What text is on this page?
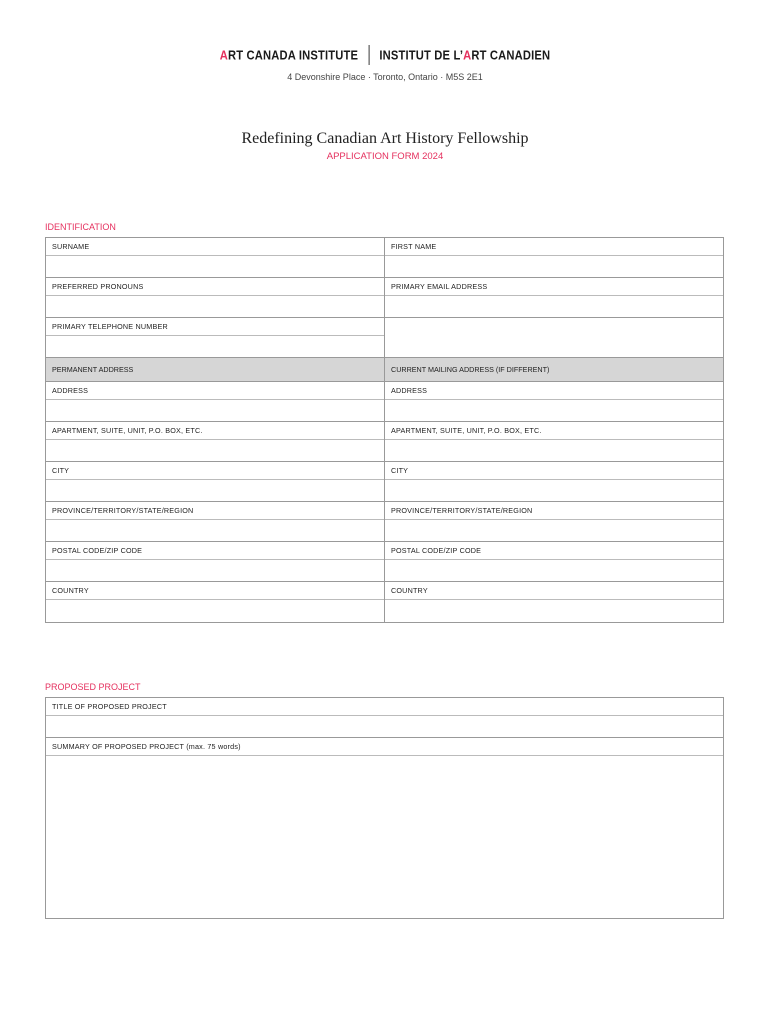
ART CANADA INSTITUTE INSTITUT DE L’ART CANADIEN
4 Devonshire Place · Toronto, Ontario · M5S 2E1
Redefining Canadian Art History Fellowship
APPLICATION FORM 2024
IDENTIFICATION
SURNAME	FIRST NAME
PREFERRED PRONOUNS	PRIMARY EMAIL ADDRESS
PRIMARY TELEPHONE NUMBER
PERMANENT ADDRESS	CURRENT MAILING ADDRESS (IF DIFFERENT)
ADDRESS	ADDRESS
APARTMENT, SUITE, UNIT, P.O. BOX, ETC.	APARTMENT, SUITE, UNIT, P.O. BOX, ETC.
CITY	CITY
PROVINCE/TERRITORY/STATE/REGION	PROVINCE/TERRITORY/STATE/REGION
POSTAL CODE/ZIP CODE	POSTAL CODE/ZIP CODE
COUNTRY	COUNTRY
PROPOSED PROJECT
TITLE OF PROPOSED PROJECT
SUMMARY OF PROPOSED PROJECT (max. 75 words)
